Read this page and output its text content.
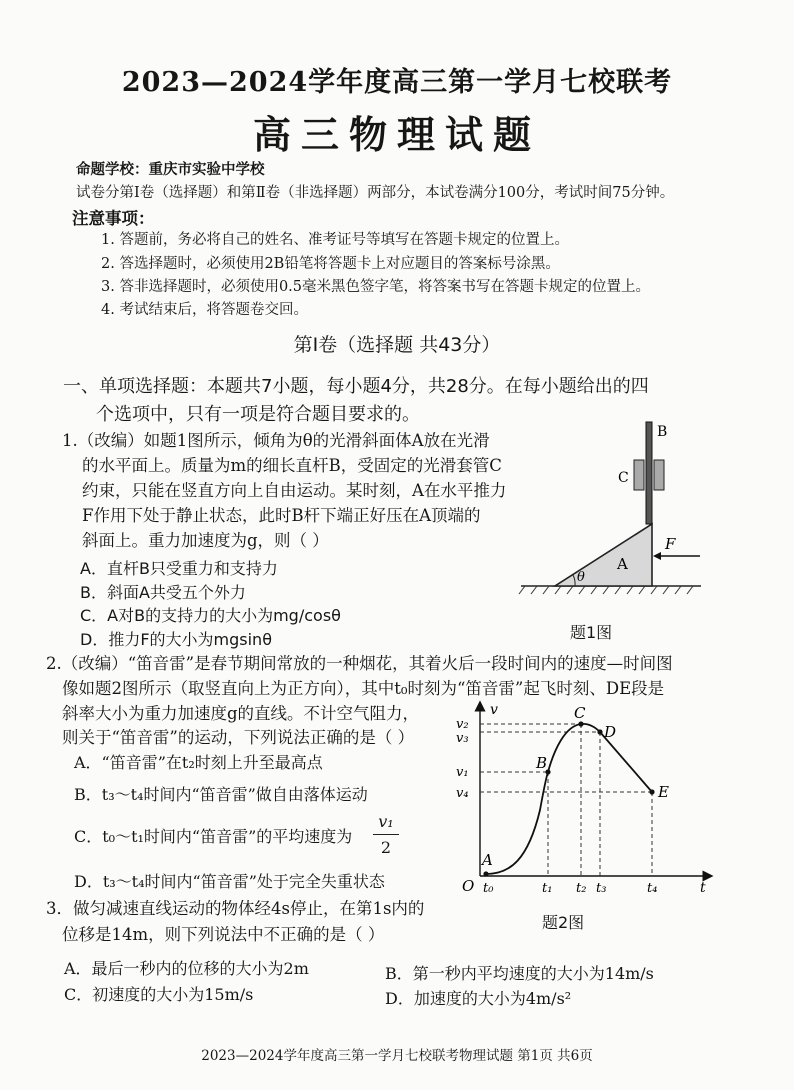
2023—2024学年度高三第一学月七校联考
高三物理试题
命题学校：重庆市实验中学校
试卷分第Ⅰ卷（选择题）和第Ⅱ卷（非选择题）两部分，本试卷满分100分，考试时间75分钟。
注意事项：
1. 答题前，务必将自己的姓名、准考证号等填写在答题卡规定的位置上。
2. 答选择题时，必须使用2B铅笔将答题卡上对应题目的答案标号涂黑。
3. 答非选择题时，必须使用0.5毫米黑色签字笔，将答案书写在答题卡规定的位置上。
4. 考试结束后，将答题卷交回。
第Ⅰ卷（选择题 共43分）
一、单项选择题：本题共7小题，每小题4分，共28分。在每小题给出的四
个选项中，只有一项是符合题目要求的。
1.（改编）如题1图所示，倾角为θ的光滑斜面体A放在光滑
的水平面上。质量为m的细长直杆B，受固定的光滑套管C
约束，只能在竖直方向上自由运动。某时刻，A在水平推力
F作用下处于静止状态，此时B杆下端正好压在A顶端的
斜面上。重力加速度为g，则（ ）
A．直杆B只受重力和支持力
B．斜面A共受五个外力
C．A对B的支持力的大小为mg/cosθ
D．推力F的大小为mgsinθ
A
θ
B
C
F
题1图
2.（改编）“笛音雷”是春节期间常放的一种烟花，其着火后一段时间内的速度—时间图
像如题2图所示（取竖直向上为正方向），其中t₀时刻为“笛音雷”起飞时刻、DE段是
斜率大小为重力加速度g的直线。不计空气阻力，
则关于“笛音雷”的运动，下列说法正确的是（ ）
A．“笛音雷”在t₂时刻上升至最高点
B．t₃～t₄时间内“笛音雷”做自由落体运动
C．t₀～t₁时间内“笛音雷”的平均速度为
v₁
2
D．t₃～t₄时间内“笛音雷”处于完全失重状态
v
t
O
A
B
C
D
E
v₂
v₃
v₁
v₄
t₀	t₁ t₂ t₃	t₄
题2图
3．做匀减速直线运动的物体经4s停止，在第1s内的
位移是14m，则下列说法中不正确的是（ ）
A．最后一秒内的位移的大小为2m	B．第一秒内平均速度的大小为14m/s
C．初速度的大小为15m/s	D．加速度的大小为4m/s²
2023—2024学年度高三第一学月七校联考物理试题 第1页 共6页
